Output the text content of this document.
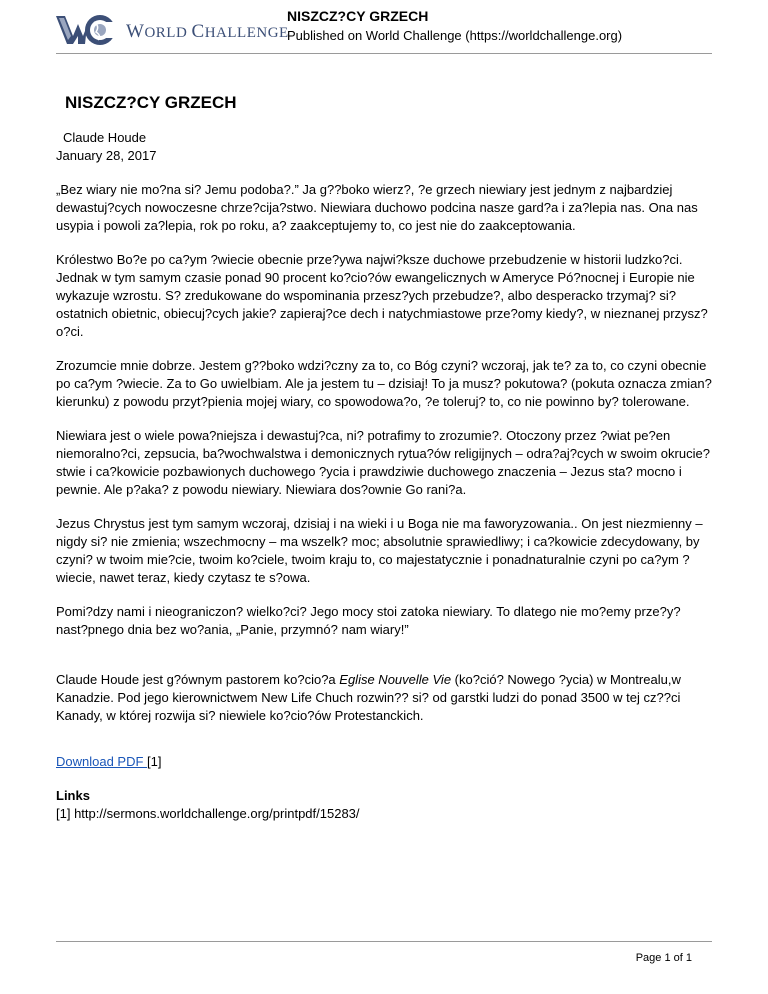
WORLD CHALLENGE
NISZCZ?CY GRZECH
Published on World Challenge (https://worldchallenge.org)
NISZCZ?CY GRZECH
Claude Houde
January 28, 2017

„Bez wiary nie mo?na si? Jemu podoba?.” Ja g??boko wierz?, ?e grzech niewiary jest jednym z najbardziej dewastuj?cych nowoczesne chrze?cija?stwo. Niewiara duchowo podcina nasze gard?a i za?lepia nas. Ona nas usypia i powoli za?lepia, rok po roku, a? zaakceptujemy to, co jest nie do zaakceptowania.

Królestwo Bo?e po ca?ym ?wiecie obecnie prze?ywa najwi?ksze duchowe przebudzenie w historii ludzko?ci. Jednak w tym samym czasie ponad 90 procent ko?cio?ów ewangelicznych w Ameryce Pó?nocnej i Europie nie wykazuje wzrostu. S? zredukowane do wspominania przesz?ych przebudze?, albo desperacko trzymaj? si? ostatnich obietnic, obiecuj?cych jakie? zapieraj?ce dech i natychmiastowe prze?omy kiedy?, w nieznanej przysz?o?ci.

Zrozumcie mnie dobrze. Jestem g??boko wdzi?czny za to, co Bóg czyni? wczoraj, jak te? za to, co czyni obecnie po ca?ym ?wiecie. Za to Go uwielbiam. Ale ja jestem tu – dzisiaj! To ja musz? pokutowa? (pokuta oznacza zmian? kierunku) z powodu przyt?pienia mojej wiary, co spowodowa?o, ?e toleruj? to, co nie powinno by? tolerowane.

Niewiara jest o wiele powa?niejsza i dewastuj?ca, ni? potrafimy to zrozumie?. Otoczony przez ?wiat pe?en niemoralno?ci, zepsucia, ba?wochwalstwa i demonicznych rytua?ów religijnych – odra?aj?cych w swoim okrucie?stwie i ca?kowicie pozbawionych duchowego ?ycia i prawdziwie duchowego znaczenia – Jezus sta? mocno i pewnie. Ale p?aka? z powodu niewiary. Niewiara dos?ownie Go rani?a.

Jezus Chrystus jest tym samym wczoraj, dzisiaj i na wieki i u Boga nie ma faworyzowania.. On jest niezmienny – nigdy si? nie zmienia; wszechmocny – ma wszelk? moc; absolutnie sprawiedliwy; i ca?kowicie zdecydowany, by czyni? w twoim mie?cie, twoim ko?ciele, twoim kraju to, co majestatycznie i ponadnaturalnie czyni po ca?ym ?wiecie, nawet teraz, kiedy czytasz te s?owa.

Pomi?dzy nami i nieograniczon? wielko?ci? Jego mocy stoi zatoka niewiary. To dlatego nie mo?emy prze?y? nast?pnego dnia bez wo?ania, „Panie, przymnó? nam wiary!”

Claude Houde jest g?ównym pastorem ko?cio?a Eglise Nouvelle Vie (ko?ció? Nowego ?ycia) w Montrealu,w Kanadzie. Pod jego kierownictwem New Life Chuch rozwin?? si? od garstki ludzi do ponad 3500 w tej cz??ci Kanady, w której rozwija si? niewiele ko?cio?ów Protestanckich.

Download PDF [1]

Links

[1] http://sermons.worldchallenge.org/printpdf/15283/

Page 1 of 1
